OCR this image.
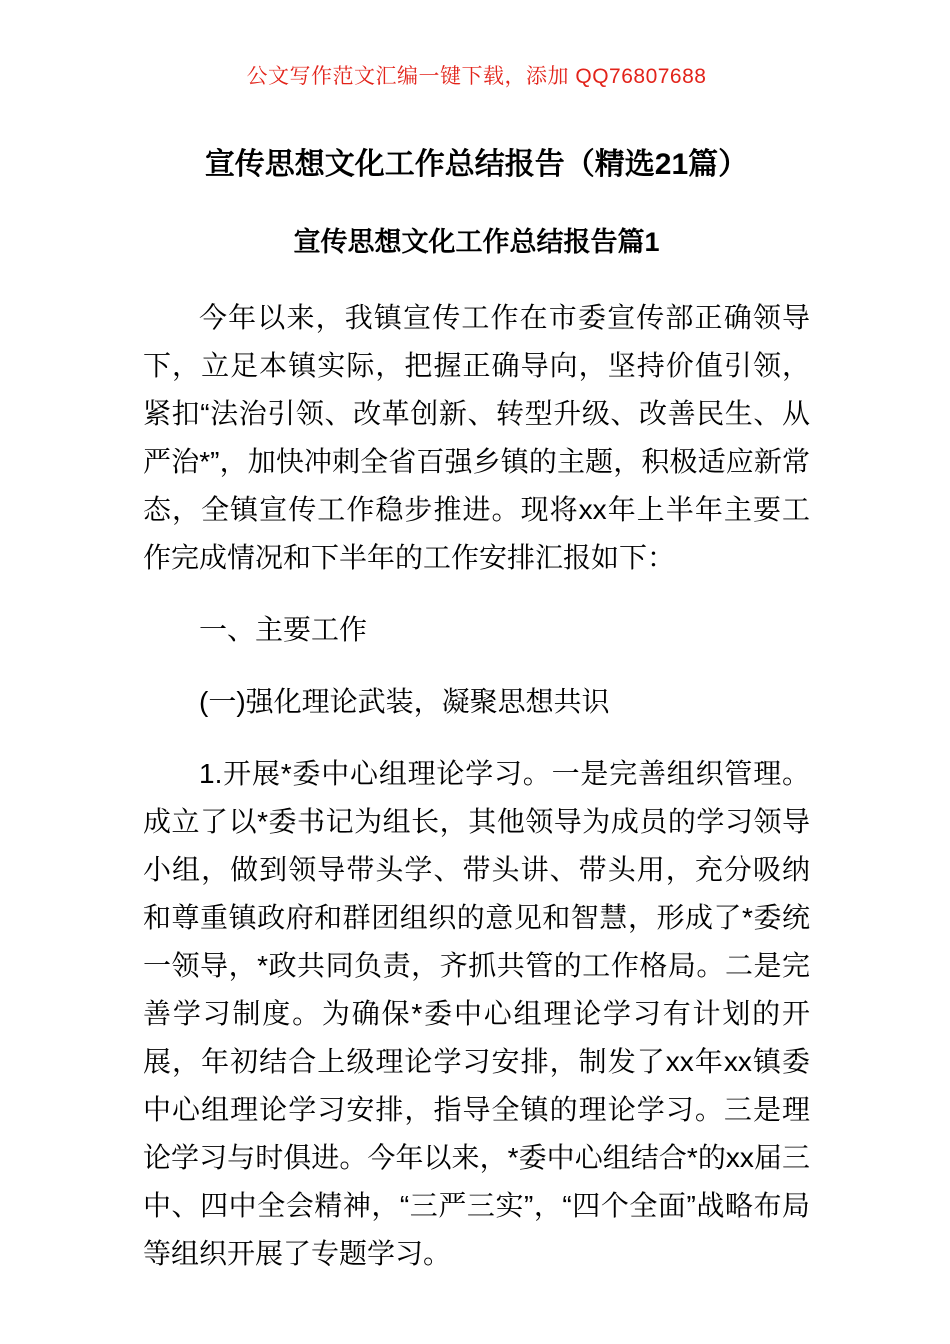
公文写作范文汇编一键下载，添加 QQ76807688
宣传思想文化工作总结报告（精选21篇）
宣传思想文化工作总结报告篇1

今年以来，我镇宣传工作在市委宣传部正确领导下，立足本镇实际，把握正确导向，坚持价值引领，紧扣“法治引领、改革创新、转型升级、改善民生、从严治*”，加快冲刺全省百强乡镇的主题，积极适应新常态，全镇宣传工作稳步推进。现将xx年上半年主要工作完成情况和下半年的工作安排汇报如下：

一、主要工作

(一)强化理论武装，凝聚思想共识

1.开展*委中心组理论学习。一是完善组织管理。成立了以*委书记为组长，其他领导为成员的学习领导小组，做到领导带头学、带头讲、带头用，充分吸纳和尊重镇政府和群团组织的意见和智慧，形成了*委统一领导，*政共同负责，齐抓共管的工作格局。二是完善学习制度。为确保*委中心组理论学习有计划的开展，年初结合上级理论学习安排，制发了xx年xx镇委中心组理论学习安排，指导全镇的理论学习。三是理论学习与时俱进。今年以来，*委中心组结合*的xx届三中、四中全会精神，“三严三实”，“四个全面”战略布局等组织开展了专题学习。
